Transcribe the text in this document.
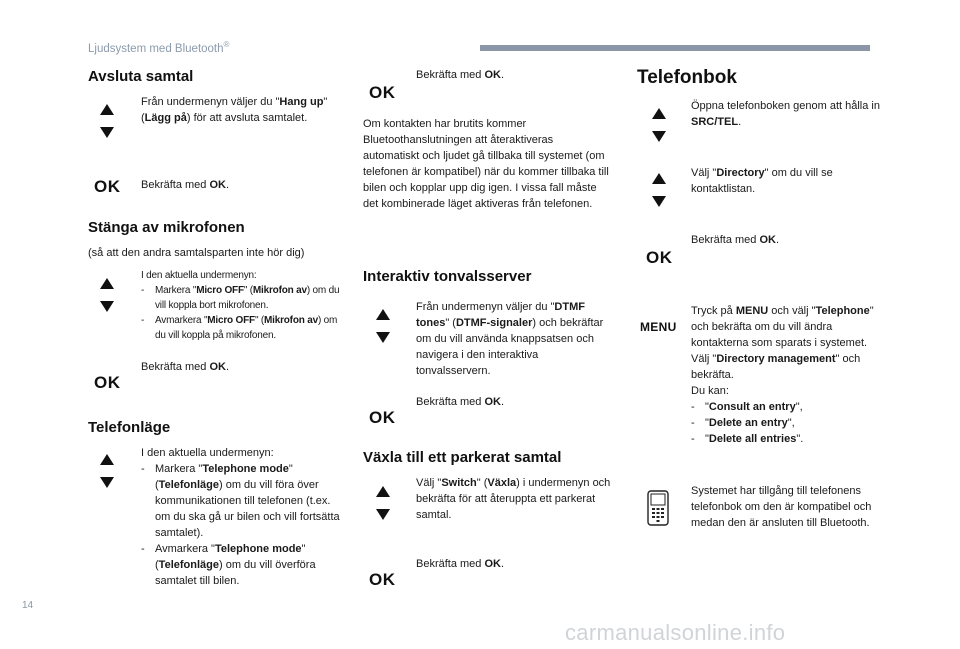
Ljudsystem med Bluetooth®
Avsluta samtal
Från undermenyn väljer du "Hang up" (Lägg på) för att avsluta samtalet.
OK Bekräfta med OK.
Stänga av mikrofonen
(så att den andra samtalsparten inte hör dig)
I den aktuella undermenyn:
- Markera "Micro OFF" (Mikrofon av) om du vill koppla bort mikrofonen.
- Avmarkera "Micro OFF" (Mikrofon av) om du vill koppla på mikrofonen.
OK
Bekräfta med OK.
Telefonläge
I den aktuella undermenyn:
- Markera "Telephone mode" (Telefonläge) om du vill föra över kommunikationen till telefonen (t.ex. om du ska gå ur bilen och vill fortsätta samtalet).
- Avmarkera "Telephone mode" (Telefonläge) om du vill överföra samtalet till bilen.
OK
Bekräfta med OK.
Om kontakten har brutits kommer Bluetoothanslutningen att återaktiveras automatiskt och ljudet gå tillbaka till systemet (om telefonen är kompatibel) när du kommer tillbaka till bilen och kopplar upp dig igen. I vissa fall måste det kombinerade läget aktiveras från telefonen.
Interaktiv tonvalsserver
Från undermenyn väljer du "DTMF tones" (DTMF-signaler) och bekräftar om du vill använda knappsatsen och navigera i den interaktiva tonvalsservern.
OK
Bekräfta med OK.
Växla till ett parkerat samtal
Välj "Switch" (Växla) i undermenyn och bekräfta för att återuppta ett parkerat samtal.
OK
Bekräfta med OK.
Telefonbok
Öppna telefonboken genom att hålla in SRC/TEL.
Välj "Directory" om du vill se kontaktlistan.
OK
Bekräfta med OK.
MENU
Tryck på MENU och välj "Telephone" och bekräfta om du vill ändra kontakterna som sparats i systemet.
Välj "Directory management" och bekräfta.
Du kan:
- "Consult an entry",
- "Delete an entry",
- "Delete all entries".
Systemet har tillgång till telefonens telefonbok om den är kompatibel och medan den är ansluten till Bluetooth.
14
carmanualsonline.info
